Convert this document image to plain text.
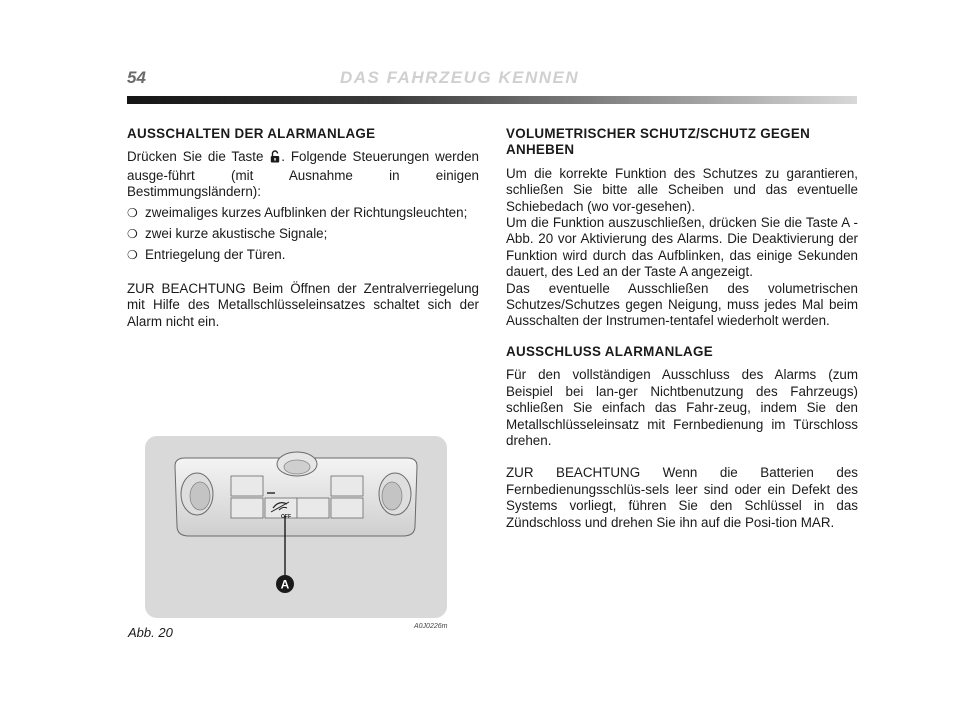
54	DAS FAHRZEUG KENNEN
AUSSCHALTEN DER ALARMANLAGE

Drücken Sie die Taste . Folgende Steuerungen werden ausge-führt (mit Ausnahme in einigen Bestimmungsländern):

❍ zweimaliges kurzes Aufblinken der Richtungsleuchten;
❍ zwei kurze akustische Signale;
❍ Entriegelung der Türen.

ZUR BEACHTUNG Beim Öffnen der Zentralverriegelung mit Hilfe des Metallschlüsseleinsatzes schaltet sich der Alarm nicht ein.

VOLUMETRISCHER SCHUTZ/SCHUTZ GEGEN ANHEBEN

Um die korrekte Funktion des Schutzes zu garantieren, schließen Sie bitte alle Scheiben und das eventuelle Schiebedach (wo vor-gesehen).

Um die Funktion auszuschließen, drücken Sie die Taste A - Abb. 20 vor Aktivierung des Alarms. Die Deaktivierung der Funktion wird durch das Aufblinken, das einige Sekunden dauert, des Led an der Taste A angezeigt.

Das eventuelle Ausschließen des volumetrischen Schutzes/Schutzes gegen Neigung, muss jedes Mal beim Ausschalten der Instrumen-tentafel wiederholt werden.

AUSSCHLUSS ALARMANLAGE

Für den vollständigen Ausschluss des Alarms (zum Beispiel bei lan-ger Nichtbenutzung des Fahrzeugs) schließen Sie einfach das Fahr-zeug, indem Sie den Metallschlüsseleinsatz mit Fernbedienung im Türschloss drehen.

ZUR BEACHTUNG Wenn die Batterien des Fernbedienungsschlüs-sels leer sind oder ein Defekt des Systems vorliegt, führen Sie den Schlüssel in das Zündschloss und drehen Sie ihn auf die Posi-tion MAR.

OFF
A
Abb. 20	A0J0226m
